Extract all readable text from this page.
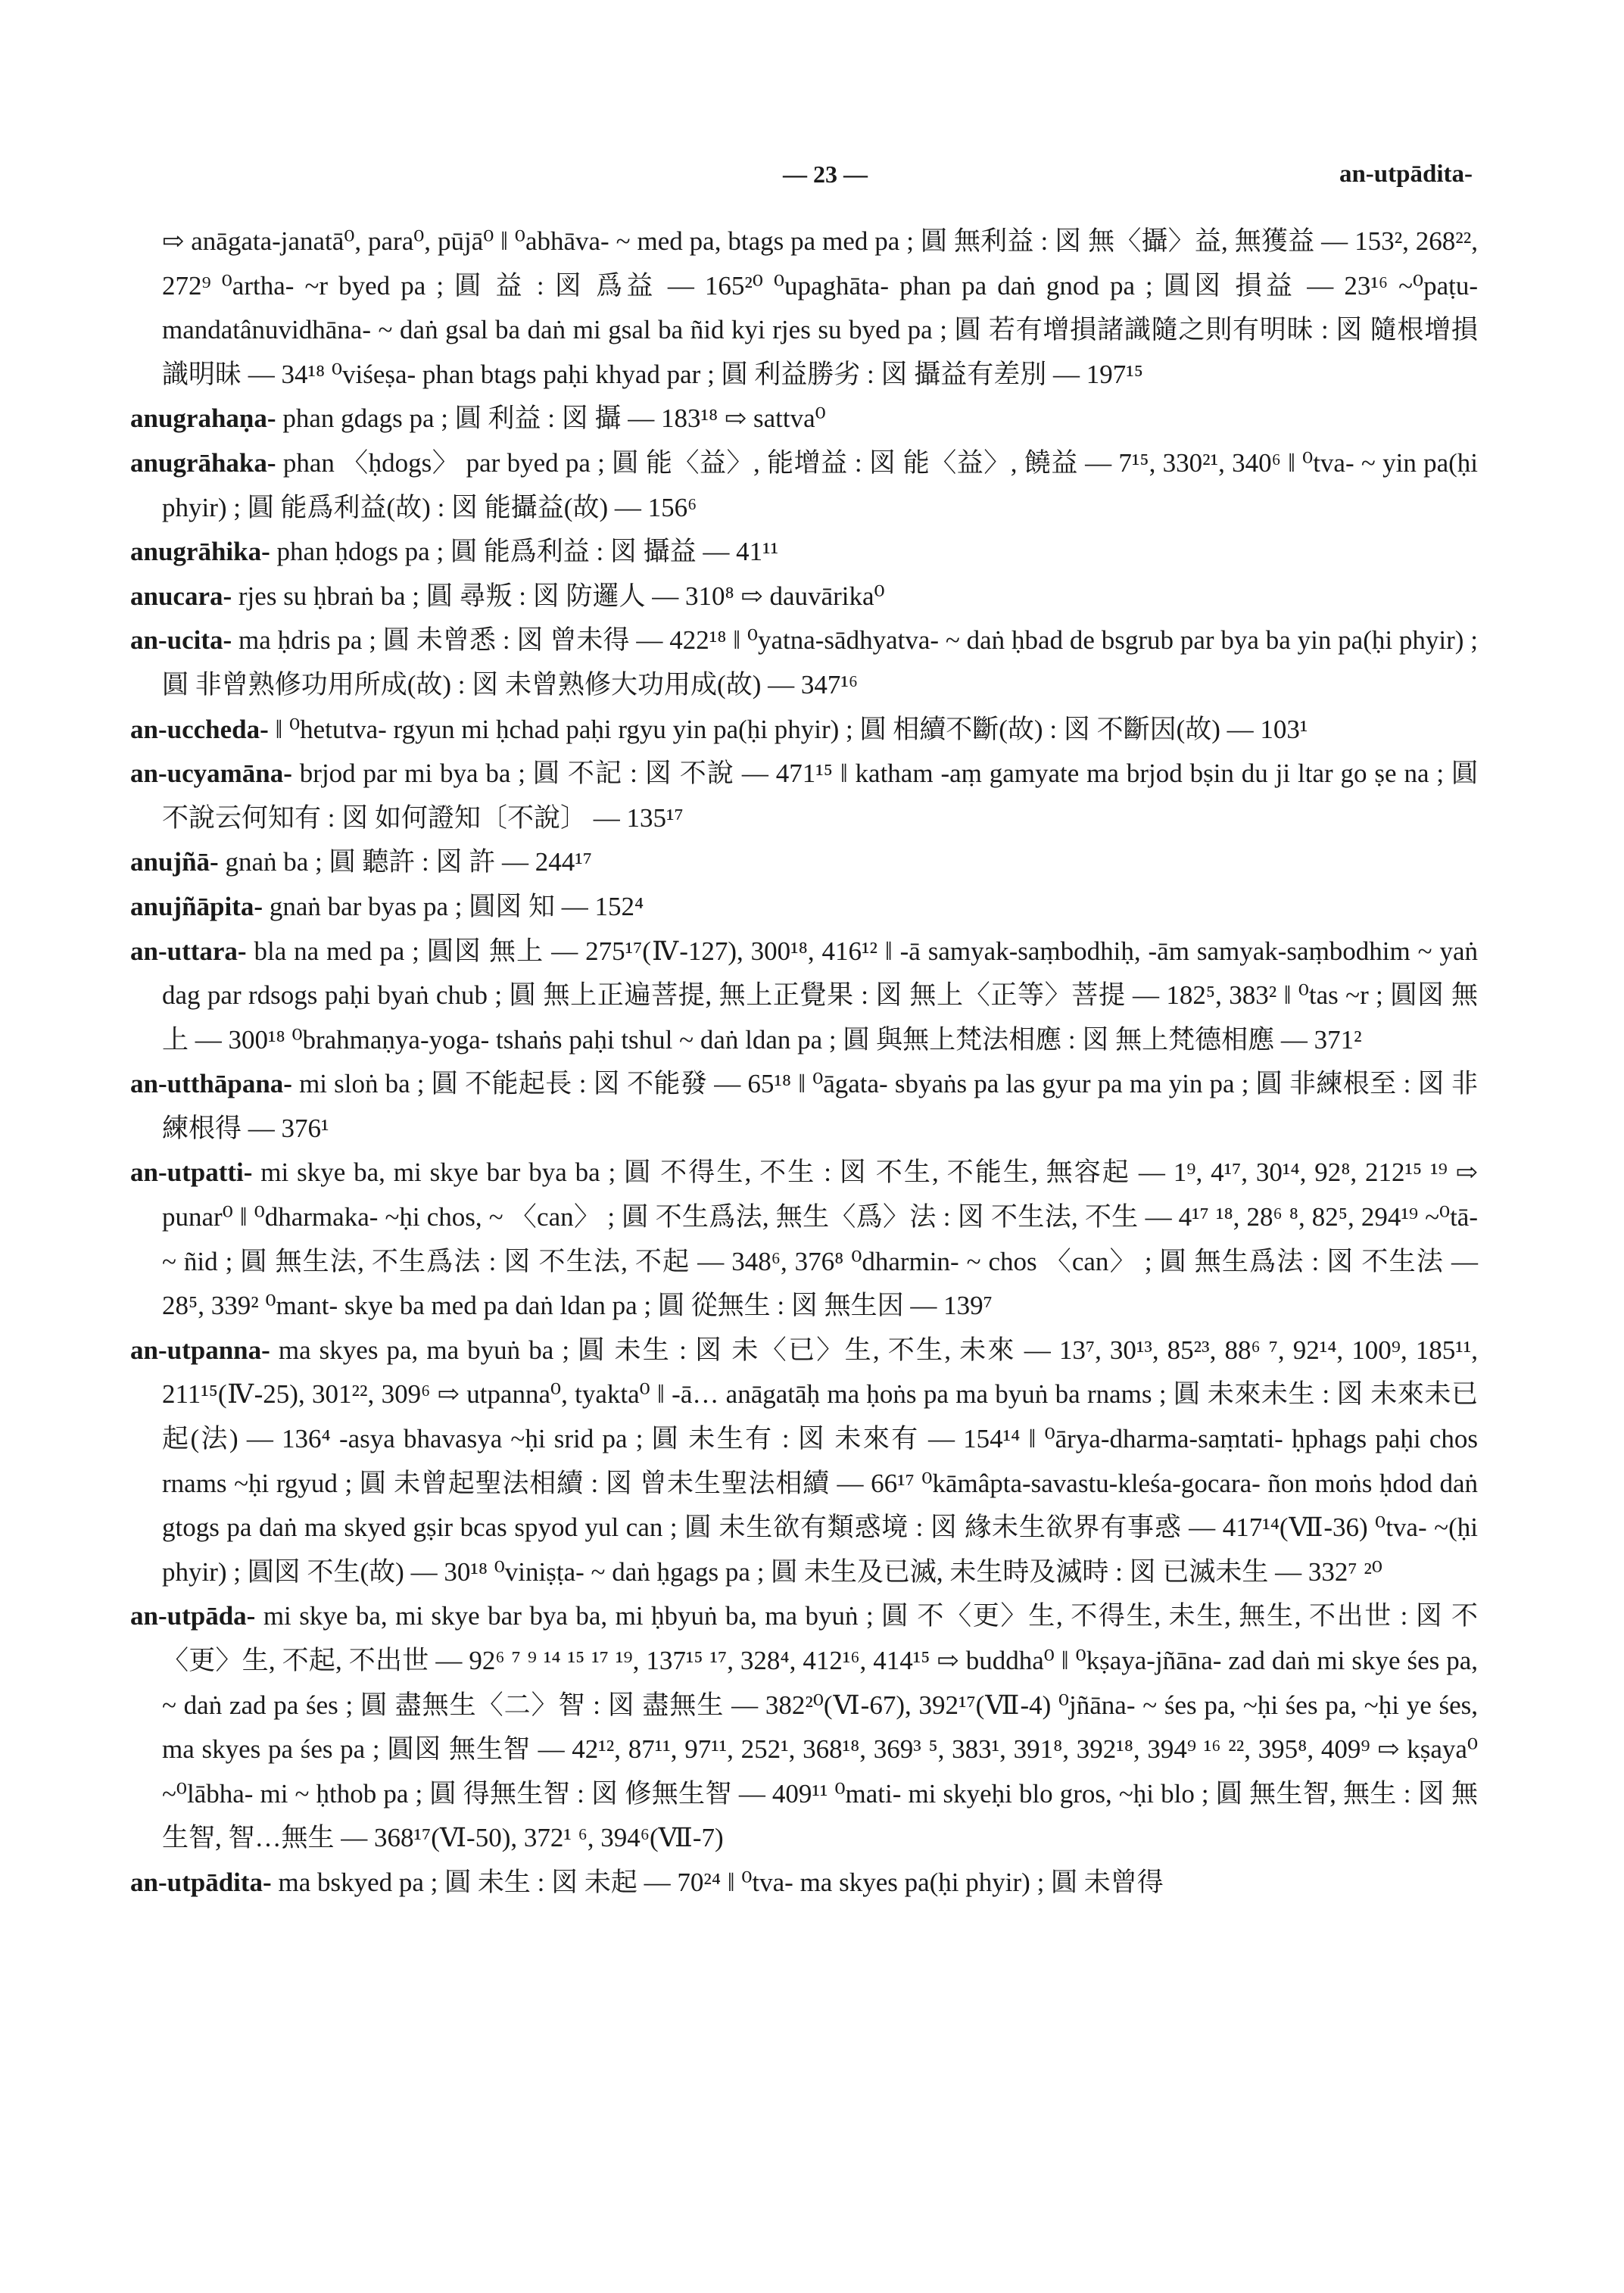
— 23 —	an-utpādita-

⇨ anāgata-janatā⁰, para⁰, pūjā⁰ ‖ ⁰abhāva- ~ med pa, btags pa med pa ; 圓 無利益 : 図 無〈攝〉益, 無獲益 — 153², 268²², 272⁹ ⁰artha- ~r byed pa ; 圓 益 : 図 爲益 — 165²⁰ ⁰upaghāta- phan pa daṅ gnod pa ; 圓図 損益 — 23¹⁶ ~⁰paṭu-mandatânuvidhāna- ~ daṅ gsal ba daṅ mi gsal ba ñid kyi rjes su byed pa ; 圓 若有增損諸識隨之則有明昧 : 図 隨根增損識明昧 — 34¹⁸ ⁰viśeṣa- phan btags paḥi khyad par ; 圓 利益勝劣 : 図 攝益有差別 — 197¹⁵

anugrahaṇa- phan gdags pa ; 圓 利益 : 図 攝 — 183¹⁸ ⇨ sattva⁰

anugrāhaka- phan 〈ḥdogs〉 par byed pa ; 圓 能〈益〉, 能增益 : 図 能〈益〉, 饒益 — 7¹⁵, 330²¹, 340⁶ ‖ ⁰tva- ~ yin pa(ḥi phyir) ; 圓 能爲利益(故) : 図 能攝益(故) — 156⁶

anugrāhika- phan ḥdogs pa ; 圓 能爲利益 : 図 攝益 — 41¹¹

anucara- rjes su ḥbraṅ ba ; 圓 尋叛 : 図 防邏人 — 310⁸ ⇨ dauvārika⁰

an-ucita- ma ḥdris pa ; 圓 未曾悉 : 図 曾未得 — 422¹⁸ ‖ ⁰yatna-sādhyatva- ~ daṅ ḥbad de bsgrub par bya ba yin pa(ḥi phyir) ; 圓 非曾熟修功用所成(故) : 図 未曾熟修大功用成(故) — 347¹⁶

an-uccheda- ‖ ⁰hetutva- rgyun mi ḥchad paḥi rgyu yin pa(ḥi phyir) ; 圓 相續不斷(故) : 図 不斷因(故) — 103¹

an-ucyamāna- brjod par mi bya ba ; 圓 不記 : 図 不說 — 471¹⁵ ‖ katham -aṃ gamyate ma brjod bṣin du ji ltar go ṣe na ; 圓 不說云何知有 : 図 如何證知〔不說〕 — 135¹⁷

anujñā- gnaṅ ba ; 圓 聽許 : 図 許 — 244¹⁷

anujñāpita- gnaṅ bar byas pa ; 圓図 知 — 152⁴

an-uttara- bla na med pa ; 圓図 無上 — 275¹⁷(Ⅳ-127), 300¹⁸, 416¹² ‖ -ā samyak-saṃbodhiḥ, -ām samyak-saṃbodhim ~ yaṅ dag par rdsogs paḥi byaṅ chub ; 圓 無上正遍菩提, 無上正覺果 : 図 無上〈正等〉菩提 — 182⁵, 383² ‖ ⁰tas ~r ; 圓図 無上 — 300¹⁸ ⁰brahmaṇya-yoga- tshaṅs paḥi tshul ~ daṅ ldan pa ; 圓 與無上梵法相應 : 図 無上梵德相應 — 371²

an-utthāpana- mi sloṅ ba ; 圓 不能起長 : 図 不能發 — 65¹⁸ ‖ ⁰āgata- sbyaṅs pa las gyur pa ma yin pa ; 圓 非練根至 : 図 非練根得 — 376¹

an-utpatti- mi skye ba, mi skye bar bya ba ; 圓 不得生, 不生 : 図 不生, 不能生, 無容起 — 1⁹, 4¹⁷, 30¹⁴, 92⁸, 212¹⁵ ¹⁹ ⇨ punar⁰ ‖ ⁰dharmaka- ~ḥi chos, ~ 〈can〉 ; 圓 不生爲法, 無生〈爲〉法 : 図 不生法, 不生 — 4¹⁷ ¹⁸, 28⁶ ⁸, 82⁵, 294¹⁹ ~⁰tā- ~ ñid ; 圓 無生法, 不生爲法 : 図 不生法, 不起 — 348⁶, 376⁸ ⁰dharmin- ~ chos 〈can〉 ; 圓 無生爲法 : 図 不生法 — 28⁵, 339² ⁰mant- skye ba med pa daṅ ldan pa ; 圓 從無生 : 図 無生因 — 139⁷

an-utpanna- ma skyes pa, ma byuṅ ba ; 圓 未生 : 図 未〈已〉生, 不生, 未來 — 13⁷, 30¹³, 85²³, 88⁶ ⁷, 92¹⁴, 100⁹, 185¹¹, 211¹⁵(Ⅳ-25), 301²², 309⁶ ⇨ utpanna⁰, tyakta⁰ ‖ -ā… anāgatāḥ ma ḥoṅs pa ma byuṅ ba rnams ; 圓 未來未生 : 図 未來未已起(法) — 136⁴ -asya bhavasya ~ḥi srid pa ; 圓 未生有 : 図 未來有 — 154¹⁴ ‖ ⁰ārya-dharma-saṃtati- ḥphags paḥi chos rnams ~ḥi rgyud ; 圓 未曾起聖法相續 : 図 曾未生聖法相續 — 66¹⁷ ⁰kāmâpta-savastu-kleśa-gocara- ñon moṅs ḥdod daṅ gtogs pa daṅ ma skyed gṣir bcas spyod yul can ; 圓 未生欲有類惑境 : 図 緣未生欲界有事惑 — 417¹⁴(Ⅶ-36) ⁰tva- ~(ḥi phyir) ; 圓図 不生(故) — 30¹⁸ ⁰viniṣṭa- ~ daṅ ḥgags pa ; 圓 未生及已滅, 未生時及滅時 : 図 已滅未生 — 332⁷ ²⁰

an-utpāda- mi skye ba, mi skye bar bya ba, mi ḥbyuṅ ba, ma byuṅ ; 圓 不〈更〉生, 不得生, 未生, 無生, 不出世 : 図 不〈更〉生, 不起, 不出世 — 92⁶ ⁷ ⁹ ¹⁴ ¹⁵ ¹⁷ ¹⁹, 137¹⁵ ¹⁷, 328⁴, 412¹⁶, 414¹⁵ ⇨ buddha⁰ ‖ ⁰kṣaya-jñāna- zad daṅ mi skye śes pa, ~ daṅ zad pa śes ; 圓 盡無生〈二〉智 : 図 盡無生 — 382²⁰(Ⅵ-67), 392¹⁷(Ⅶ-4) ⁰jñāna- ~ śes pa, ~ḥi śes pa, ~ḥi ye śes, ma skyes pa śes pa ; 圓図 無生智 — 42¹², 87¹¹, 97¹¹, 252¹, 368¹⁸, 369³ ⁵, 383¹, 391⁸, 392¹⁸, 394⁹ ¹⁶ ²², 395⁸, 409⁹ ⇨ kṣaya⁰ ~⁰lābha- mi ~ ḥthob pa ; 圓 得無生智 : 図 修無生智 — 409¹¹ ⁰mati- mi skyeḥi blo gros, ~ḥi blo ; 圓 無生智, 無生 : 図 無生智, 智…無生 — 368¹⁷(Ⅵ-50), 372¹ ⁶, 394⁶(Ⅶ-7)

an-utpādita- ma bskyed pa ; 圓 未生 : 図 未起 — 70²⁴ ‖ ⁰tva- ma skyes pa(ḥi phyir) ; 圓 未曾得
